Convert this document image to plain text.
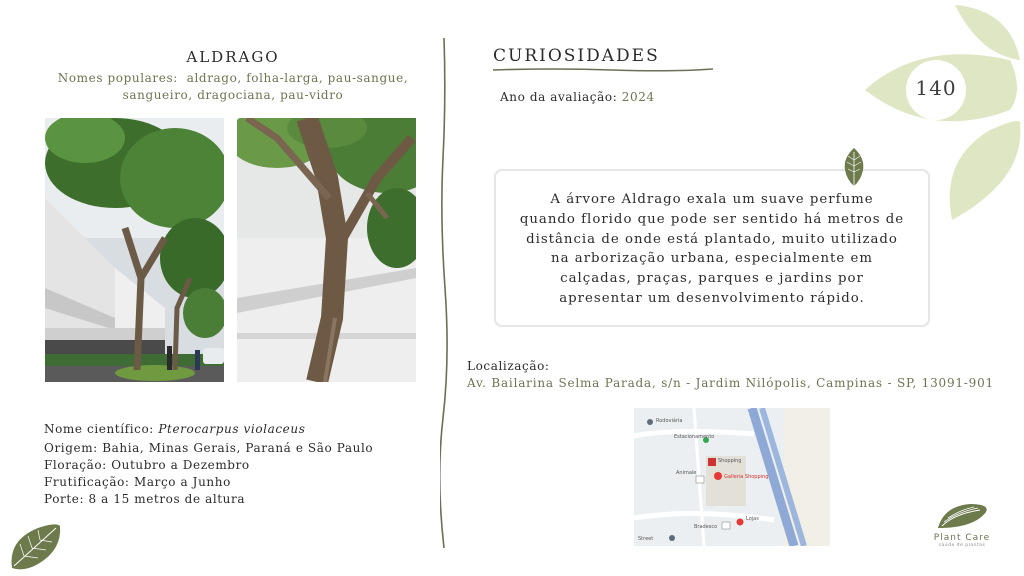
ALDRAGO
Nomes populares: aldrago, folha-larga, pau-sangue,
sangueiro, dragociana, pau-vidro
Nome científico: Pterocarpus violaceus
Origem: Bahia, Minas Gerais, Paraná e São Paulo
Floração: Outubro a Dezembro
Frutificação: Março a Junho
Porte: 8 a 15 metros de altura
CURIOSIDADES
Ano da avaliação: 2024	140
A árvore Aldrago exala um suave perfume
quando florido que pode ser sentido há metros de
distância de onde está plantado, muito utilizado
na arborização urbana, especialmente em
calçadas, praças, parques e jardins por
apresentar um desenvolvimento rápido.
Localização:
Av. Bailarina Selma Parada, s/n - Jardim Nilópolis, Campinas - SP, 13091-901
Rodoviária
Estacionamento
Shopping
Animale
Galleria Shopping
Lojas
Bradesco
Street	Plant Care
saúde de plantas
